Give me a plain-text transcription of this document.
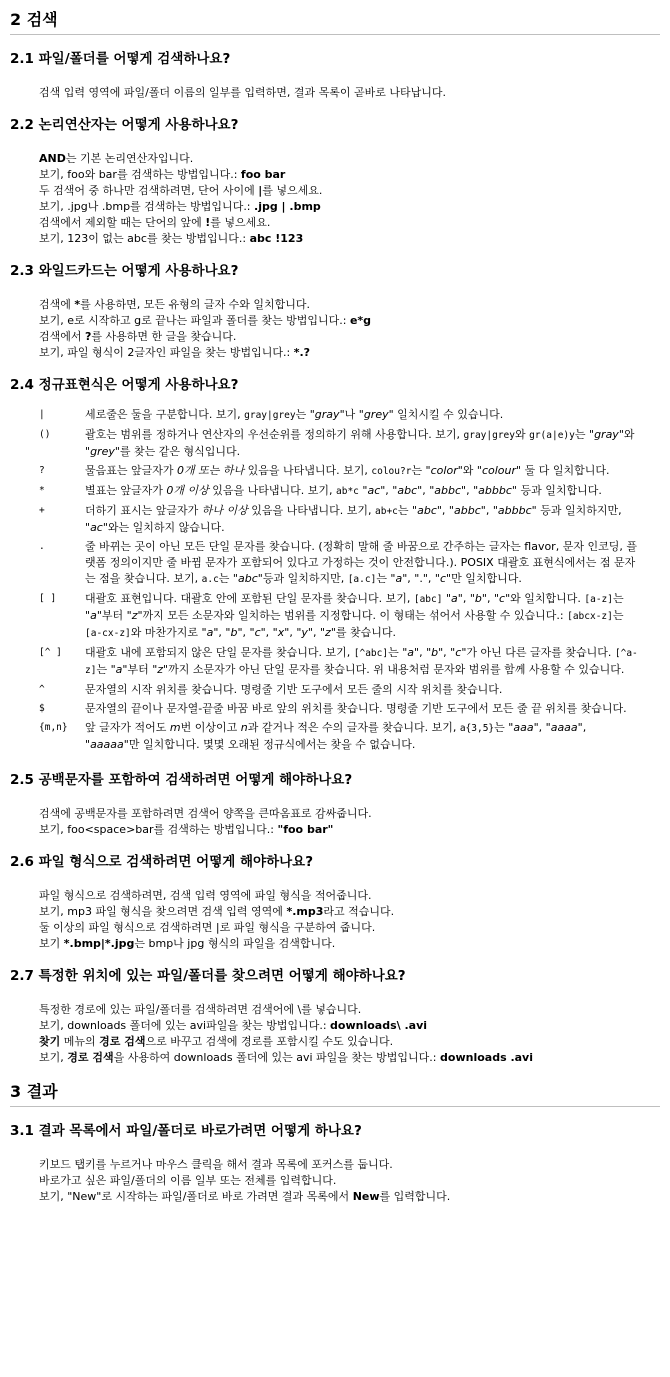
2 검색
2.1 파일/폴더를 어떻게 검색하나요?
검색 입력 영역에 파일/폴더 이름의 일부를 입력하면, 결과 목록이 곧바로 나타납니다.
2.2 논리연산자는 어떻게 사용하나요?
AND는 기본 논리연산자입니다.
보기, foo와 bar를 검색하는 방법입니다.: foo bar
두 검색어 중 하나만 검색하려면, 단어 사이에 |를 넣으세요.
보기, .jpg나 .bmp를 검색하는 방법입니다.: .jpg | .bmp
검색에서 제외할 때는 단어의 앞에 !를 넣으세요.
보기, 123이 없는 abc를 찾는 방법입니다.: abc !123
2.3 와일드카드는 어떻게 사용하나요?
검색에 *를 사용하면, 모든 유형의 글자 수와 일치합니다.
보기, e로 시작하고 g로 끝나는 파일과 폴더를 찾는 방법입니다.: e*g
검색에서 ?를 사용하면 한 글을 찾습니다.
보기, 파일 형식이 2글자인 파일을 찾는 방법입니다.: *.?
2.4 정규표현식은 어떻게 사용하나요?
|	세로줄은 둘을 구분합니다. 보기, gray|grey는 "gray"나 "grey" 일치시킬 수 있습니다.
()	괄호는 범위를 정하거나 연산자의 우선순위를 정의하기 위해 사용합니다. 보기, gray|grey와 gr(a|e)y는 "gray"와 "grey"를 찾는 같은 형식입니다.
?	물음표는 앞글자가 0개 또는 하나 있음을 나타냅니다. 보기, colou?r는 "color"와 "colour" 둘 다 일치합니다.
*	별표는 앞글자가 0개 이상 있음을 나타냅니다. 보기, ab*c "ac", "abc", "abbc", "abbbc" 등과 일치합니다.
+	더하기 표시는 앞글자가 하나 이상 있음을 나타냅니다. 보기, ab+c는 "abc", "abbc", "abbbc" 등과 일치하지만, "ac"와는 일치하지 않습니다.
.	줄 바뀌는 곳이 아닌 모든 단일 문자를 찾습니다. (정확히 말해 줄 바꿈으로 간주하는 글자는 flavor, 문자 인코딩, 플랫폼 정의이지만 줄 바뀜 문자가 포함되어 있다고 가정하는 것이 안전합니다.). POSIX 대괄호 표현식에서는 점 문자는 점을 찾습니다. 보기, a.c는 "abc"등과 일치하지만, [a.c]는 "a", ".", "c"만 일치합니다.
[ ]	대괄호 표현입니다. 대괄호 안에 포함된 단일 문자를 찾습니다. 보기, [abc] "a", "b", "c"와 일치합니다. [a-z]는 "a"부터 "z"까지 모든 소문자와 일치하는 범위를 지정합니다. 이 형태는 섞어서 사용할 수 있습니다.: [abcx-z]는 [a-cx-z]와 마찬가지로 "a", "b", "c", "x", "y", "z"를 찾습니다.
[^ ]	대괄호 내에 포함되지 않은 단일 문자를 찾습니다. 보기, [^abc]는 "a", "b", "c"가 아닌 다른 글자를 찾습니다. [^a-z]는 "a"부터 "z"까지 소문자가 아닌 단일 문자를 찾습니다. 위 내용처럼 문자와 범위를 함께 사용할 수 있습니다.
^	문자열의 시작 위치를 찾습니다. 명령줄 기반 도구에서 모든 줄의 시작 위치를 찾습니다.
$	문자열의 끝이나 문자열-끝줄 바꿈 바로 앞의 위치를 찾습니다. 명령줄 기반 도구에서 모든 줄 끝 위치를 찾습니다.
{m,n}	앞 글자가 적어도 m번 이상이고 n과 같거나 적은 수의 글자를 찾습니다. 보기, a{3,5}는 "aaa", "aaaa", "aaaaa"만 일치합니다. 몇몇 오래된 정규식에서는 찾을 수 없습니다.
2.5 공백문자를 포함하여 검색하려면 어떻게 해야하나요?
검색에 공백문자를 포함하려면 검색어 양쪽을 큰따옴표로 감싸줍니다.
보기, foo<space>bar를 검색하는 방법입니다.: "foo bar"
2.6 파일 형식으로 검색하려면 어떻게 해야하나요?
파일 형식으로 검색하려면, 검색 입력 영역에 파일 형식을 적어줍니다.
보기, mp3 파일 형식을 찾으려면 검색 입력 영역에 *.mp3라고 적습니다.
둘 이상의 파일 형식으로 검색하려면 |로 파일 형식을 구분하여 줍니다.
보기 *.bmp|*.jpg는 bmp나 jpg 형식의 파일을 검색합니다.
2.7 특정한 위치에 있는 파일/폴더를 찾으려면 어떻게 해야하나요?
특정한 경로에 있는 파일/폴더를 검색하려면 검색어에 \를 넣습니다.
보기, downloads 폴더에 있는 avi파일을 찾는 방법입니다.: downloads\ .avi
찾기 메뉴의 경로 검색으로 바꾸고 검색에 경로를 포함시킬 수도 있습니다.
보기, 경로 검색을 사용하여 downloads 폴더에 있는 avi 파일을 찾는 방법입니다.: downloads .avi
3 결과
3.1 결과 목록에서 파일/폴더로 바로가려면 어떻게 하나요?
키보드 탭키를 누르거나 마우스 클릭을 해서 결과 목록에 포커스를 둡니다.
바로가고 싶은 파일/폴더의 이름 일부 또는 전체를 입력합니다.
보기, "New"로 시작하는 파일/폴더로 바로 가려면 결과 목록에서 New를 입력합니다.
